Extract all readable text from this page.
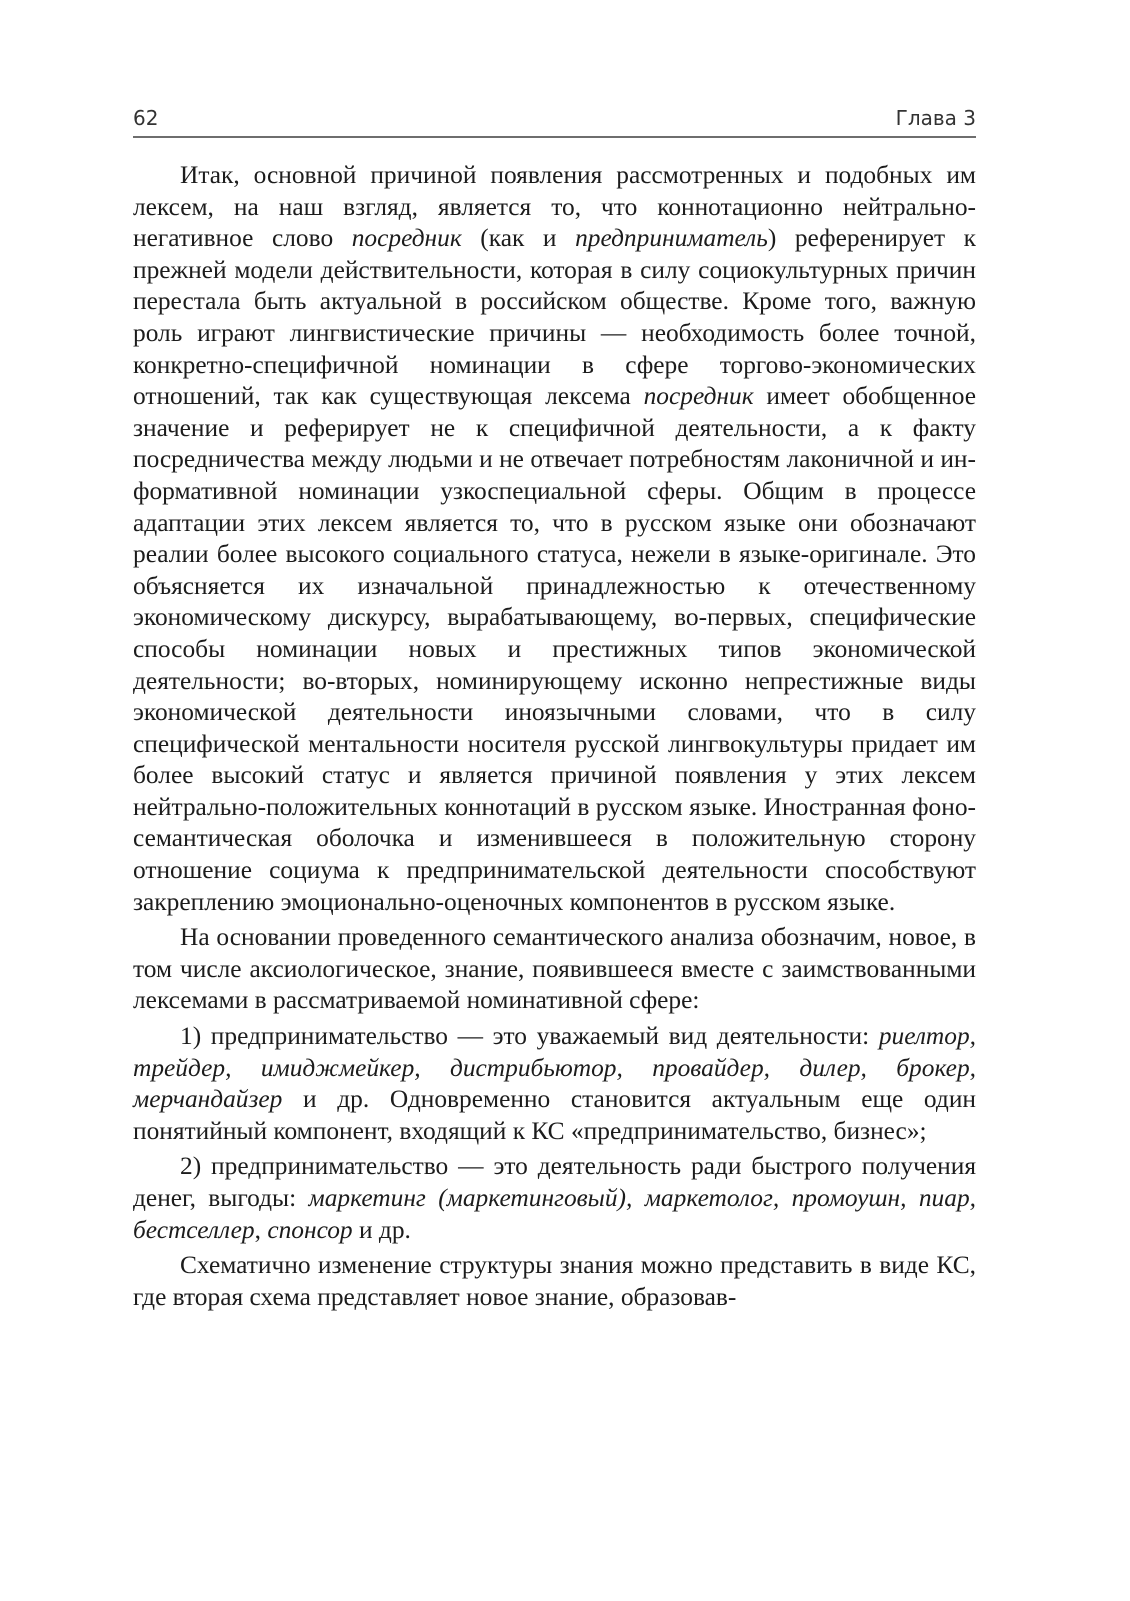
62	Глава 3

Итак, основной причиной появления рассмотренных и подобных им лексем, на наш взгляд, является то, что коннотационно нейтрально-негативное слово посредник (как и предприниматель) референирует к прежней модели действительности, которая в силу социокультурных причин перестала быть актуальной в российском обществе. Кроме того, важную роль играют лингвистические причины — необходимость более точной, конкретно-специфичной номинации в сфере торгово-экономических отношений, так как существующая лексема посредник имеет обобщенное значение и реферирует не к специфичной деятельности, а к факту посредничества между людьми и не отвечает потребностям лаконичной и информативной номинации узкоспециальной сферы. Общим в процессе адаптации этих лексем является то, что в русском языке они обозначают реалии более высокого социального статуса, нежели в языке-оригинале. Это объясняется их изначальной принадлежностью к отечественному экономическому дискурсу, вырабатывающему, во-первых, специфические способы номинации новых и престижных типов экономической деятельности; во-вторых, номинирующему исконно непрестижные виды экономической деятельности иноязычными словами, что в силу специфической ментальности носителя русской лингвокультуры придает им более высокий статус и является причиной появления у этих лексем нейтрально-положительных коннотаций в русском языке. Иностранная фоносемантическая оболочка и изменившееся в положительную сторону отношение социума к предпринимательской деятельности способствуют закреплению эмоционально-оценочных компонентов в русском языке.

На основании проведенного семантического анализа обозначим, новое, в том числе аксиологическое, знание, появившееся вместе с заимствованными лексемами в рассматриваемой номинативной сфере:

1) предпринимательство — это уважаемый вид деятельности: риелтор, трейдер, имиджмейкер, дистрибьютор, провайдер, дилер, брокер, мерчандайзер и др. Одновременно становится актуальным еще один понятийный компонент, входящий к КС «предпринимательство, бизнес»;

2) предпринимательство — это деятельность ради быстрого получения денег, выгоды: маркетинг (маркетинговый), маркетолог, промоушн, пиар, бестселлер, спонсор и др.

Схематично изменение структуры знания можно представить в виде КС, где вторая схема представляет новое знание, образовав-
